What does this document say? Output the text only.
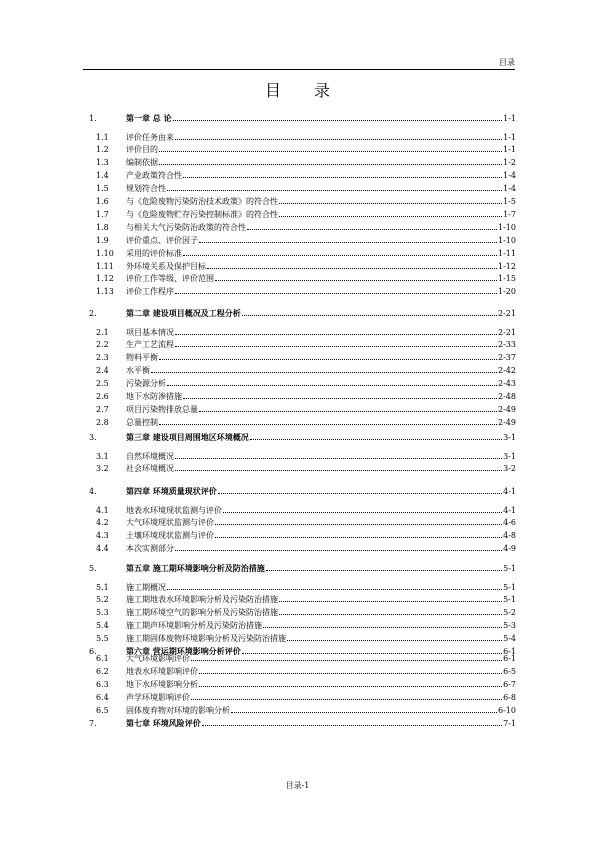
目录
目 录
1.	第一章 总 论	1-1
1.1 评价任务由来	1-1
1.2 评价目的	1-1
1.3 编制依据	1-2
1.4 产业政策符合性	1-4
1.5 规划符合性	1-4
1.6 与《危险废物污染防治技术政策》的符合性	1-5
1.7 与《危险废物贮存污染控制标准》的符合性	1-7
1.8 与相关大气污染防治政策的符合性	1-10
1.9 评价重点、评价因子	1-10
1.10 采用的评价标准	1-11
1.11 外环境关系及保护目标	1-12
1.12 评价工作等级、评价范围	1-15
1.13 评价工作程序	1-20
2.	第二章 建设项目概况及工程分析	2-21
2.1 项目基本情况	2-21
2.2 生产工艺流程	2-33
2.3 物料平衡	2-37
2.4 水平衡	2-42
2.5 污染源分析	2-43
2.6 地下水防渗措施	2-48
2.7 项目污染物排放总量	2-49
2.8 总量控制	2-49
3.	第三章 建设项目周围地区环境概况	3-1
3.1 自然环境概况	3-1
3.2 社会环境概况	3-2
4.	第四章 环境质量现状评价	4-1
4.1 地表水环境现状监测与评价	4-1
4.2 大气环境现状监测与评价	4-6
4.3 土壤环境现状监测与评价	4-8
4.4 本次实测部分	4-9
5.	第五章 施工期环境影响分析及防治措施	5-1
5.1 施工期概况	5-1
5.2 施工期地表水环境影响分析及污染防治措施	5-1
5.3 施工期环境空气的影响分析及污染防治措施	5-2
5.4 施工期声环境影响分析及污染防治措施	5-3
5.5 施工期固体废物环境影响分析及污染防治措施	5-4
6.	第六章 营运期环境影响分析评价	6-1
6.1 大气环境影响评价	6-1
6.2 地表水环境影响评价	6-5
6.3 地下水环境影响分析	6-7
6.4 声学环境影响评价	6-8
6.5 固体废弃物对环境的影响分析	6-10
7.	第七章 环境风险评价	7-1
目录-1
